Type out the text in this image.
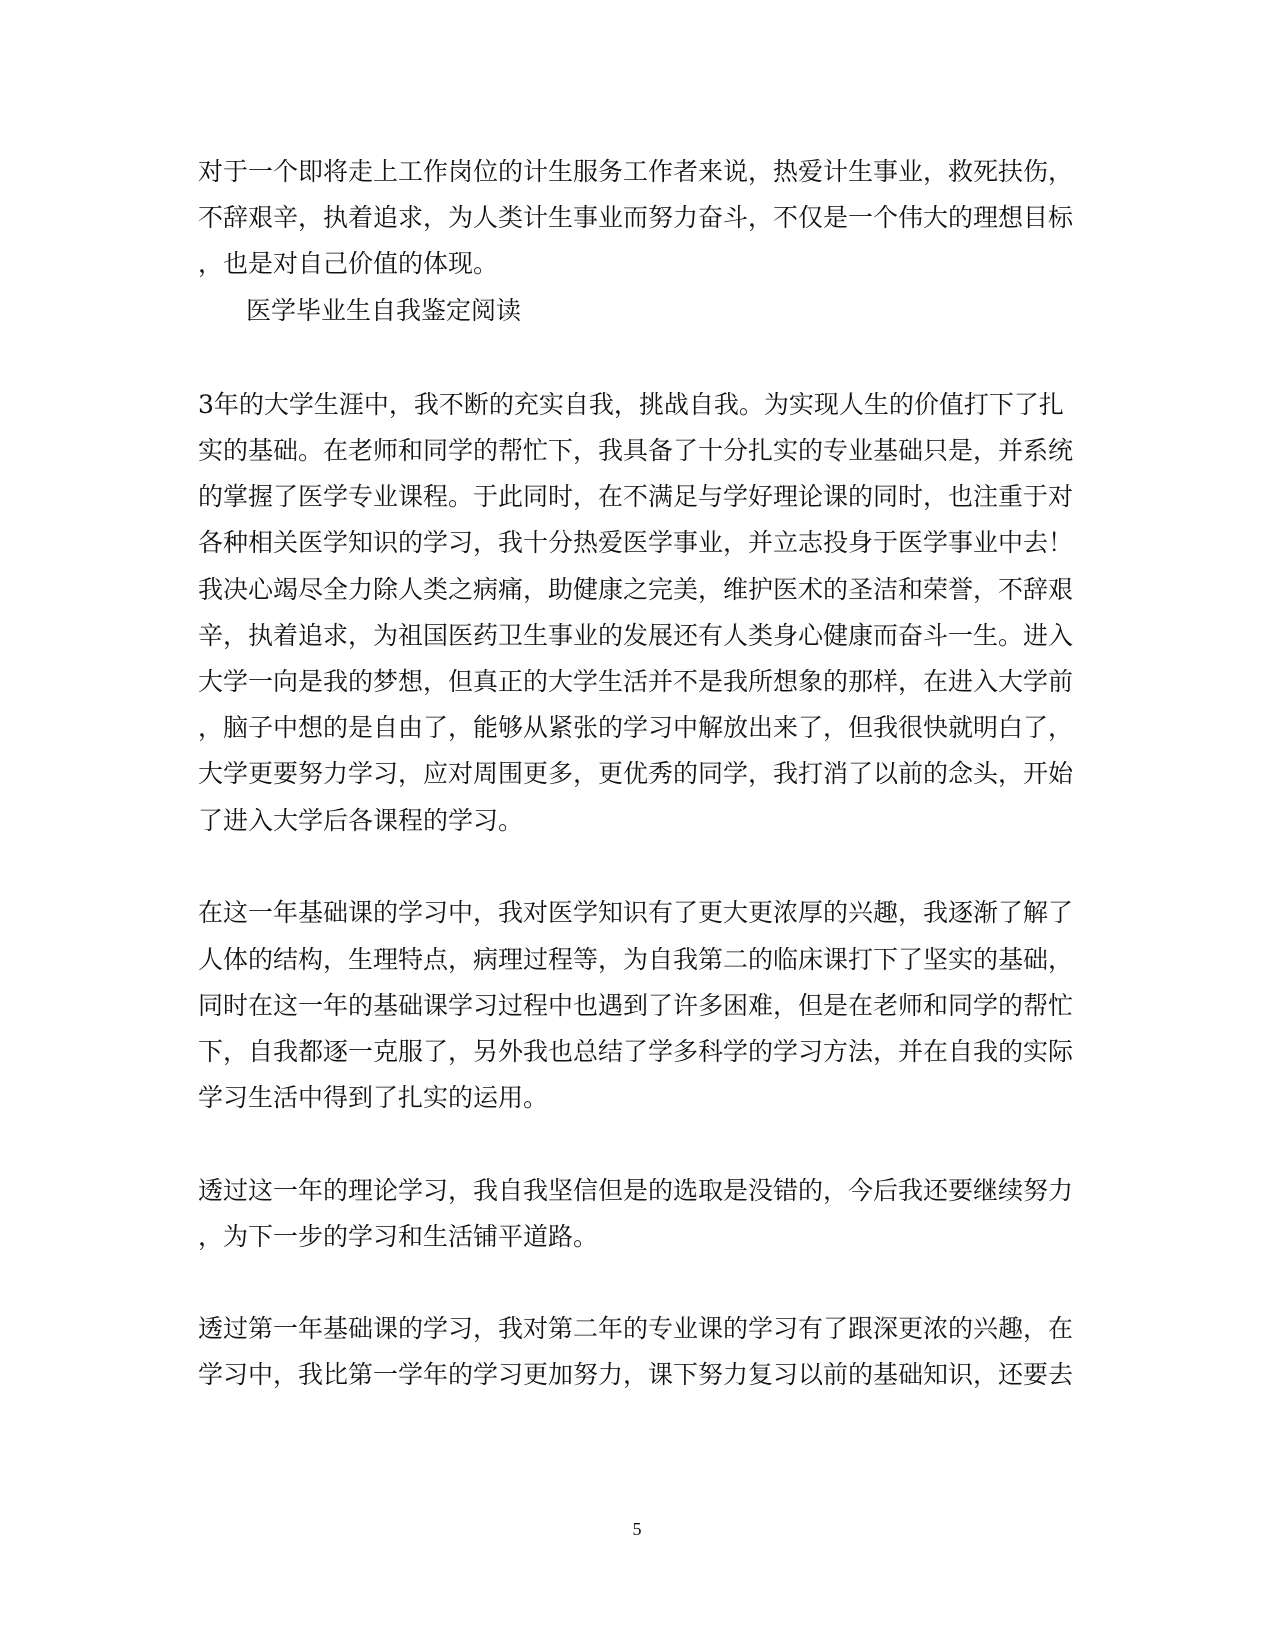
对于一个即将走上工作岗位的计生服务工作者来说，热爱计生事业，救死扶伤，
不辞艰辛，执着追求，为人类计生事业而努力奋斗，不仅是一个伟大的理想目标
，也是对自己价值的体现。
医学毕业生自我鉴定阅读
3年的大学生涯中，我不断的充实自我，挑战自我。为实现人生的价值打下了扎
实的基础。在老师和同学的帮忙下，我具备了十分扎实的专业基础只是，并系统
的掌握了医学专业课程。于此同时，在不满足与学好理论课的同时，也注重于对
各种相关医学知识的学习，我十分热爱医学事业，并立志投身于医学事业中去！
我决心竭尽全力除人类之病痛，助健康之完美，维护医术的圣洁和荣誉，不辞艰
辛，执着追求，为祖国医药卫生事业的发展还有人类身心健康而奋斗一生。进入
大学一向是我的梦想，但真正的大学生活并不是我所想象的那样，在进入大学前
，脑子中想的是自由了，能够从紧张的学习中解放出来了，但我很快就明白了，
大学更要努力学习，应对周围更多，更优秀的同学，我打消了以前的念头，开始
了进入大学后各课程的学习。
在这一年基础课的学习中，我对医学知识有了更大更浓厚的兴趣，我逐渐了解了
人体的结构，生理特点，病理过程等，为自我第二的临床课打下了坚实的基础，
同时在这一年的基础课学习过程中也遇到了许多困难，但是在老师和同学的帮忙
下，自我都逐一克服了，另外我也总结了学多科学的学习方法，并在自我的实际
学习生活中得到了扎实的运用。
透过这一年的理论学习，我自我坚信但是的选取是没错的，今后我还要继续努力
，为下一步的学习和生活铺平道路。
透过第一年基础课的学习，我对第二年的专业课的学习有了跟深更浓的兴趣，在
学习中，我比第一学年的学习更加努力，课下努力复习以前的基础知识，还要去
5
